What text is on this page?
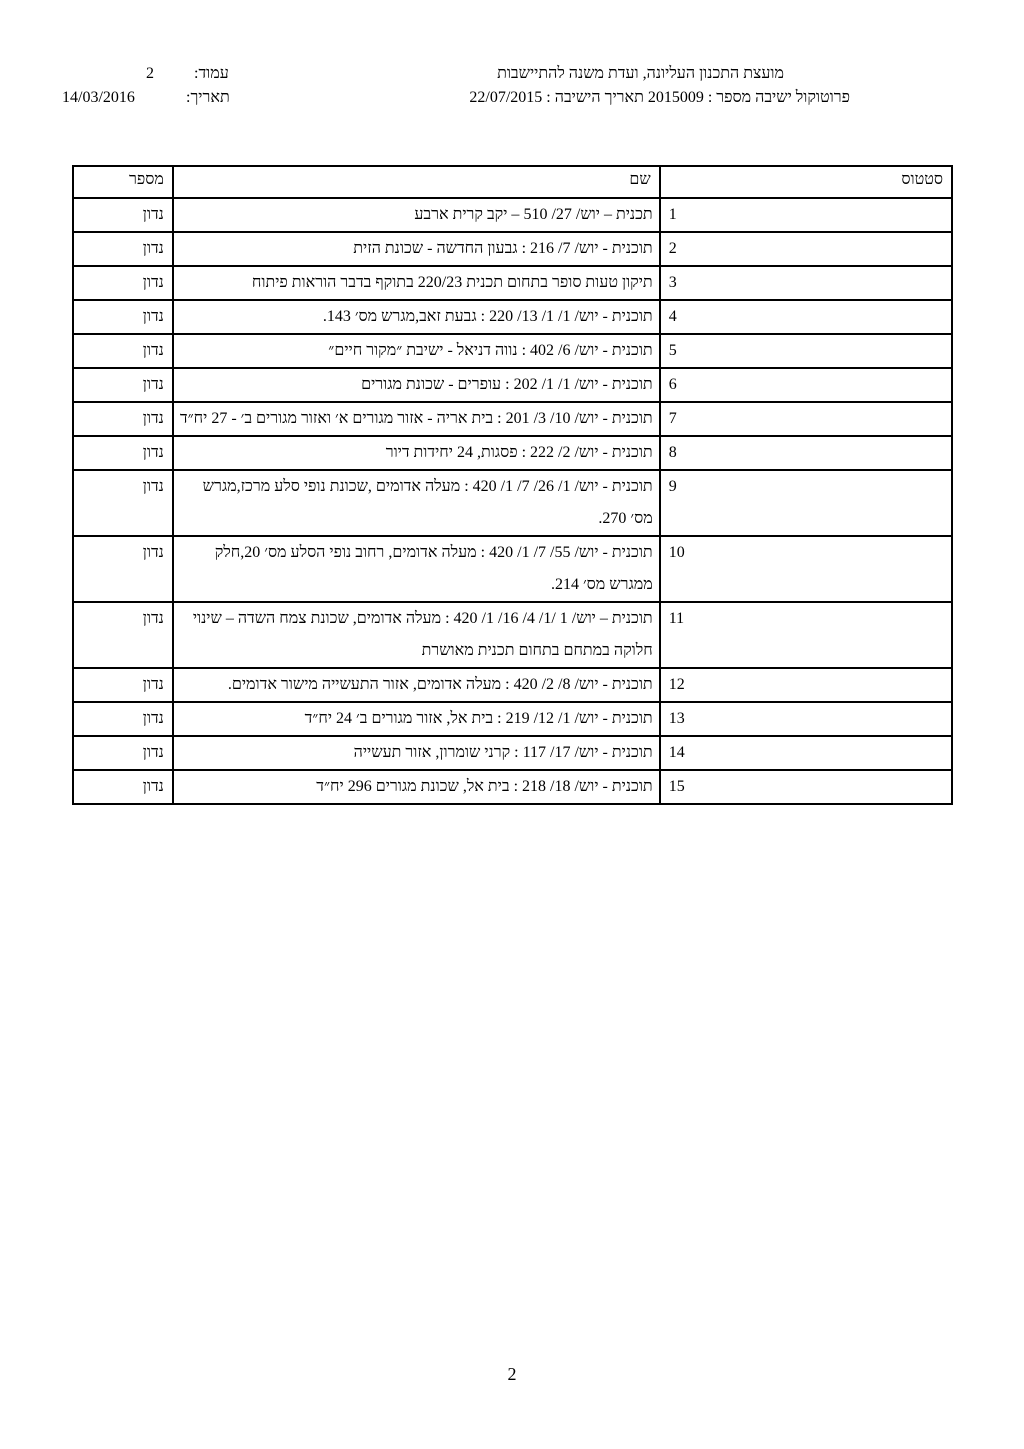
מועצת התכנון העליונה, ועדת משנה להתיישבות
פרוטוקול ישיבה מספר : 2015009 תאריך הישיבה : 22/07/2015
עמוד:
2
תאריך:
14/03/2016
סטטוס	שם	מספר
1	תכנית – יוש/ 27/ 510 – יקב קרית ארבע	נדון
2	תוכנית - יוש/ 7/ 216 : גבעון החדשה - שכונת הזית	נדון
3	תיקון טעות סופר בתחום תכנית 220/23 בתוקף בדבר הוראות פיתוח	נדון
4	תוכנית - יוש/ 1/ 1/ 13/ 220 : גבעת זאב,מגרש מס׳ 143.	נדון
5	תוכנית - יוש/ 6/ 402 : נווה דניאל - ישיבת ״מקור חיים״	נדון
6	תוכנית - יוש/ 1/ 1/ 202 : עופרים - שכונת מגורים	נדון
7	תוכנית - יוש/ 10/ 3/ 201 : בית אריה - אזור מגורים א׳ ואזור מגורים ב׳ - 27 יח״ד	נדון
8	תוכנית - יוש/ 2/ 222 : פסגות, 24 יחידות דיור	נדון
9	תוכנית - יוש/ 1/ 26/ 7/ 1/ 420 : מעלה אדומים ,שכונת נופי סלע מרכז,מגרש מס׳ 270.	נדון
10	תוכנית - יוש/ 55/ 7/ 1/ 420 : מעלה אדומים, רחוב נופי הסלע מס׳ 20,חלק ממגרש מס׳ 214.	נדון
11	תוכנית – יוש/ 1 /1/ 4/ 16/ 1/ 420 : מעלה אדומים, שכונת צמח השדה – שינוי חלוקה במתחם בתחום תכנית מאושרת	נדון
12	תוכנית - יוש/ 8/ 2/ 420 : מעלה אדומים, אזור התעשייה מישור אדומים.	נדון
13	תוכנית - יוש/ 1/ 12/ 219 : בית אל, אזור מגורים ב׳ 24 יח״ד	נדון
14	תוכנית - יוש/ 17/ 117 : קרני שומרון, אזור תעשייה	נדון
15	תוכנית - יוש/ 18/ 218 : בית אל, שכונת מגורים 296 יח״ד	נדון
2
